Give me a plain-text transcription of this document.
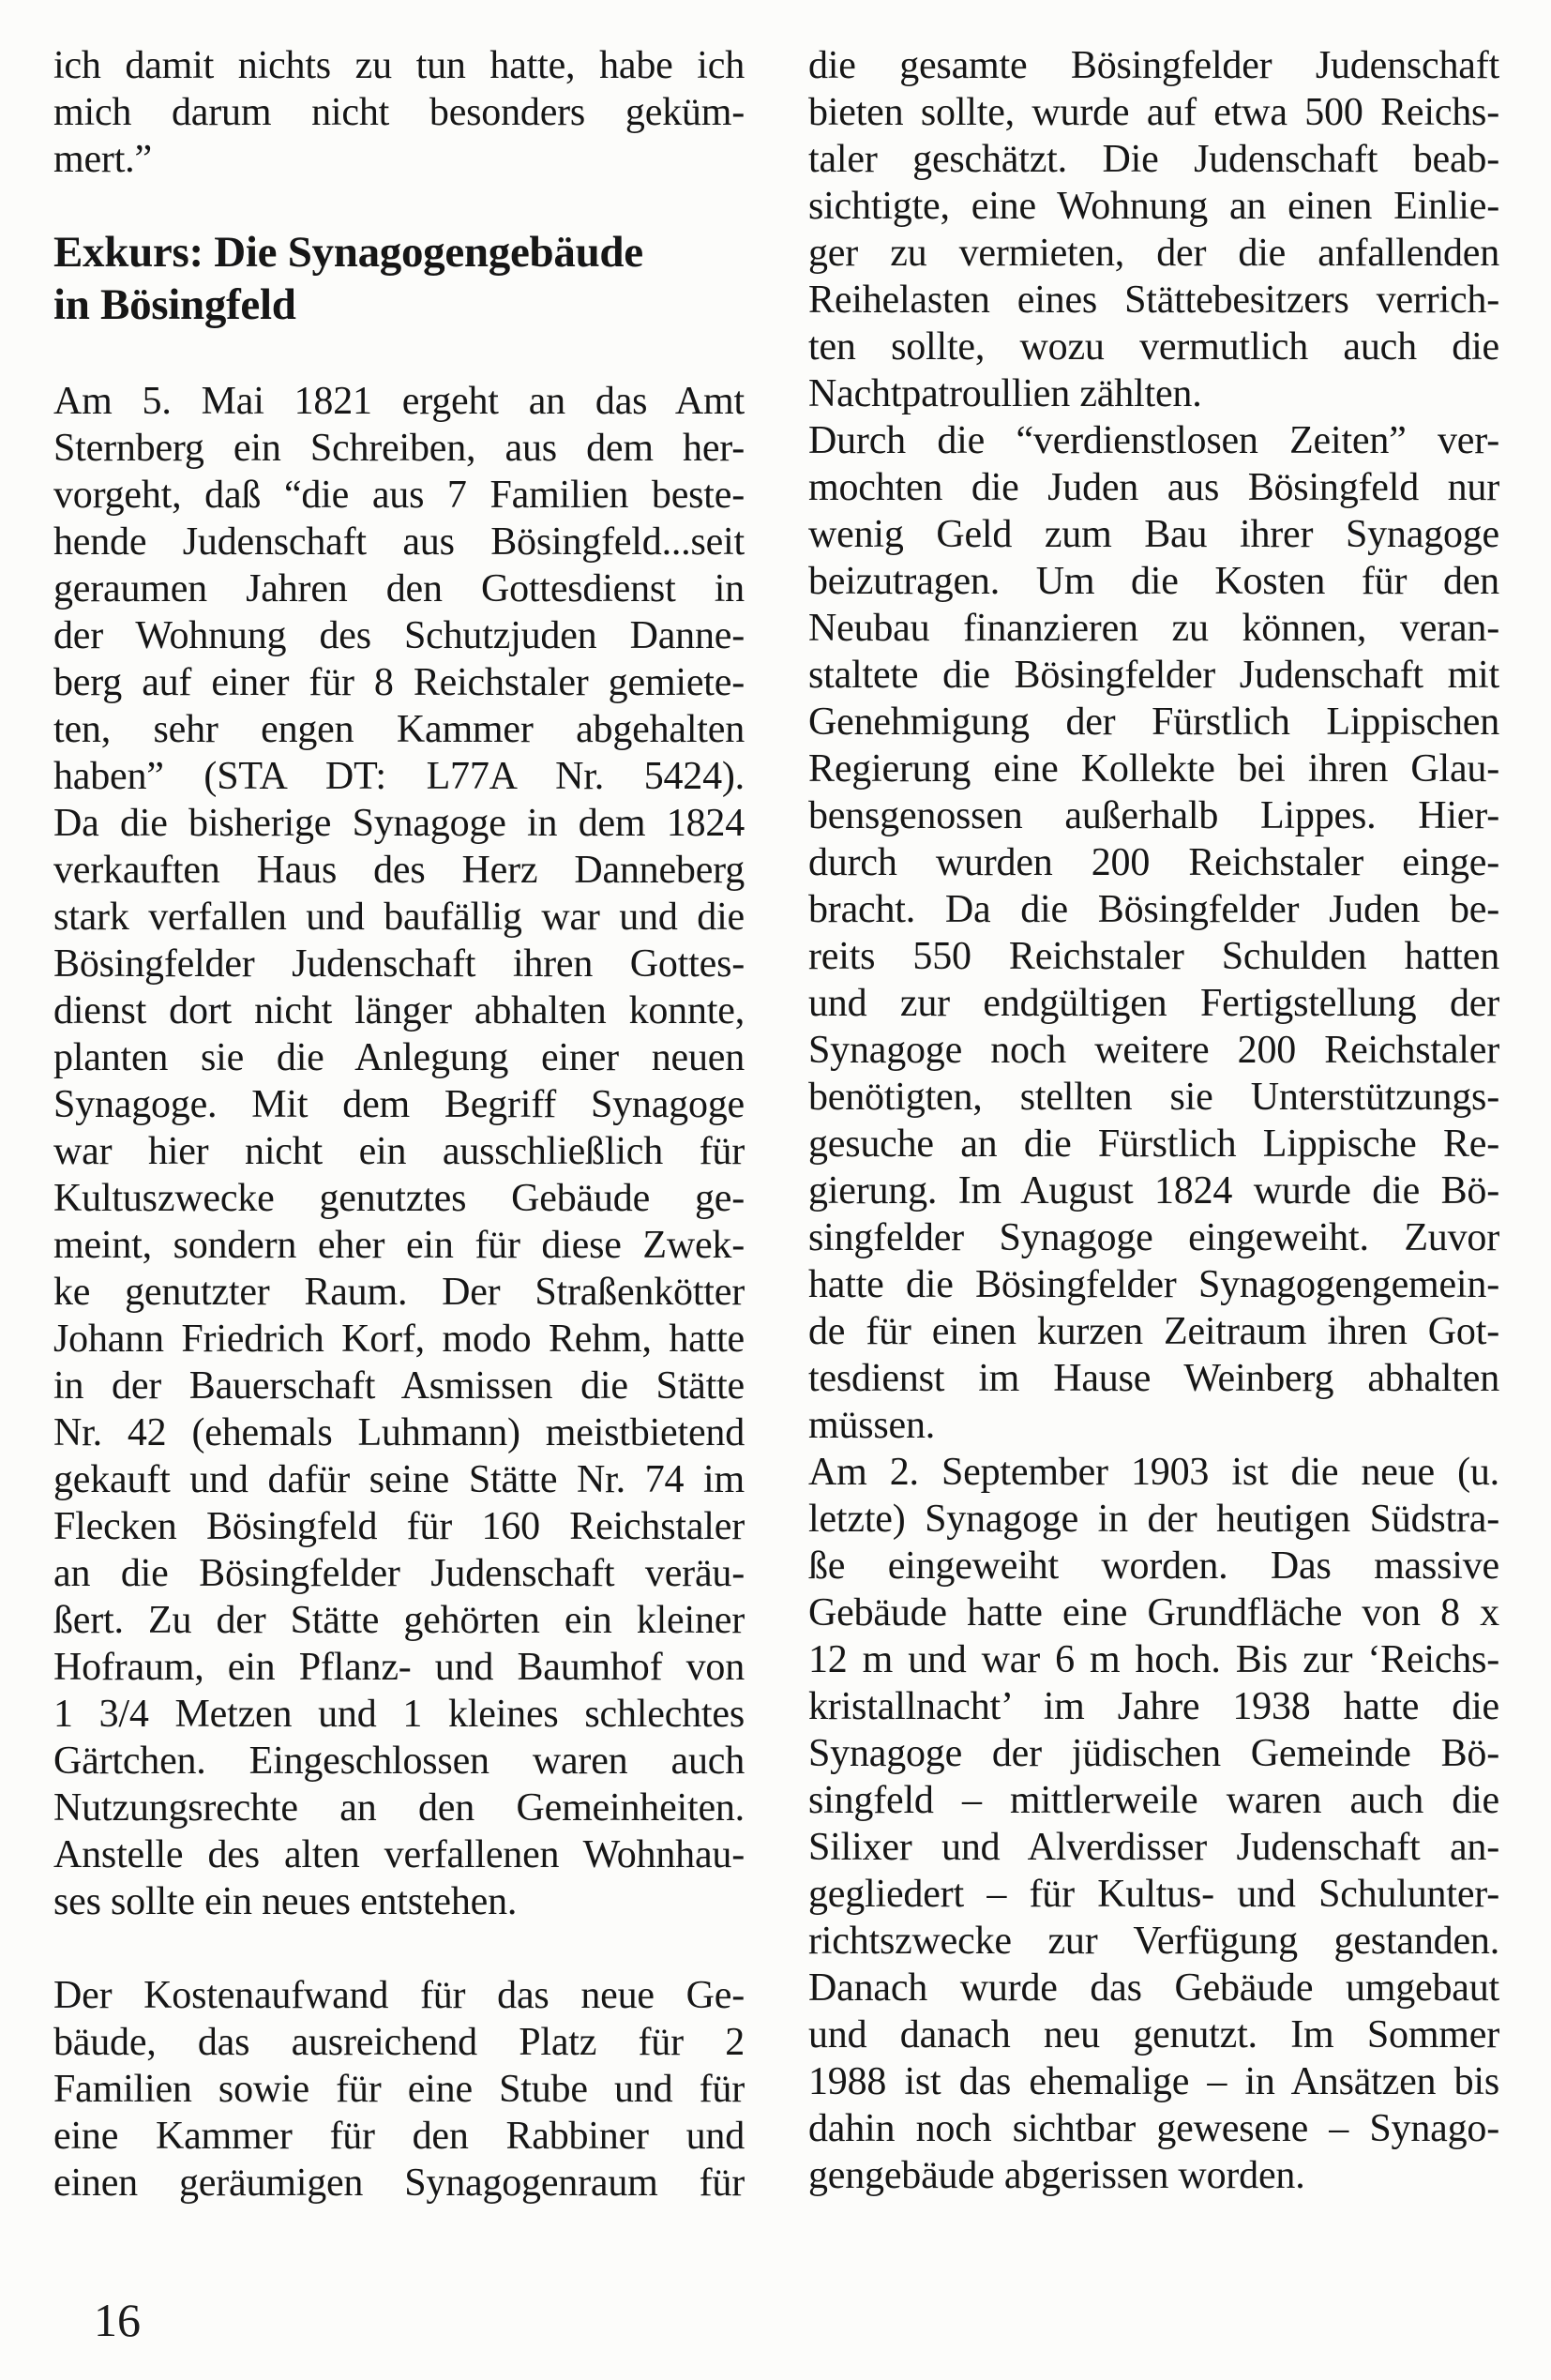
ich damit nichts zu tun hatte, habe ich
mich darum nicht besonders geküm-
mert.”
Exkurs: Die Synagogengebäude
in Bösingfeld
Am 5. Mai 1821 ergeht an das Amt
Sternberg ein Schreiben, aus dem her-
vorgeht, daß “die aus 7 Familien beste-
hende Judenschaft aus Bösingfeld...seit
geraumen Jahren den Gottesdienst in
der Wohnung des Schutzjuden Danne-
berg auf einer für 8 Reichstaler gemiete-
ten, sehr engen Kammer abgehalten
haben” (STA DT: L77A Nr. 5424).
Da die bisherige Synagoge in dem 1824
verkauften Haus des Herz Danneberg
stark verfallen und baufällig war und die
Bösingfelder Judenschaft ihren Gottes-
dienst dort nicht länger abhalten konnte,
planten sie die Anlegung einer neuen
Synagoge. Mit dem Begriff Synagoge
war hier nicht ein ausschließlich für
Kultuszwecke genutztes Gebäude ge-
meint, sondern eher ein für diese Zwek-
ke genutzter Raum. Der Straßenkötter
Johann Friedrich Korf, modo Rehm, hatte
in der Bauerschaft Asmissen die Stätte
Nr. 42 (ehemals Luhmann) meistbietend
gekauft und dafür seine Stätte Nr. 74 im
Flecken Bösingfeld für 160 Reichstaler
an die Bösingfelder Judenschaft veräu-
ßert. Zu der Stätte gehörten ein kleiner
Hofraum, ein Pflanz- und Baumhof von
1 3/4 Metzen und 1 kleines schlechtes
Gärtchen. Eingeschlossen waren auch
Nutzungsrechte an den Gemeinheiten.
Anstelle des alten verfallenen Wohnhau-
ses sollte ein neues entstehen.
Der Kostenaufwand für das neue Ge-
bäude, das ausreichend Platz für 2
Familien sowie für eine Stube und für
eine Kammer für den Rabbiner und
einen geräumigen Synagogenraum für
die gesamte Bösingfelder Judenschaft
bieten sollte, wurde auf etwa 500 Reichs-
taler geschätzt. Die Judenschaft beab-
sichtigte, eine Wohnung an einen Einlie-
ger zu vermieten, der die anfallenden
Reihelasten eines Stättebesitzers verrich-
ten sollte, wozu vermutlich auch die
Nachtpatroullien zählten.
Durch die “verdienstlosen Zeiten” ver-
mochten die Juden aus Bösingfeld nur
wenig Geld zum Bau ihrer Synagoge
beizutragen. Um die Kosten für den
Neubau finanzieren zu können, veran-
staltete die Bösingfelder Judenschaft mit
Genehmigung der Fürstlich Lippischen
Regierung eine Kollekte bei ihren Glau-
bensgenossen außerhalb Lippes. Hier-
durch wurden 200 Reichstaler einge-
bracht. Da die Bösingfelder Juden be-
reits 550 Reichstaler Schulden hatten
und zur endgültigen Fertigstellung der
Synagoge noch weitere 200 Reichstaler
benötigten, stellten sie Unterstützungs-
gesuche an die Fürstlich Lippische Re-
gierung. Im August 1824 wurde die Bö-
singfelder Synagoge eingeweiht. Zuvor
hatte die Bösingfelder Synagogengemein-
de für einen kurzen Zeitraum ihren Got-
tesdienst im Hause Weinberg abhalten
müssen.
Am 2. September 1903 ist die neue (u.
letzte) Synagoge in der heutigen Südstra-
ße eingeweiht worden. Das massive
Gebäude hatte eine Grundfläche von 8 x
12 m und war 6 m hoch. Bis zur ‘Reichs-
kristallnacht’ im Jahre 1938 hatte die
Synagoge der jüdischen Gemeinde Bö-
singfeld – mittlerweile waren auch die
Silixer und Alverdisser Judenschaft an-
gegliedert – für Kultus- und Schulunter-
richtszwecke zur Verfügung gestanden.
Danach wurde das Gebäude umgebaut
und danach neu genutzt. Im Sommer
1988 ist das ehemalige – in Ansätzen bis
dahin noch sichtbar gewesene – Synago-
gengebäude abgerissen worden.
16
